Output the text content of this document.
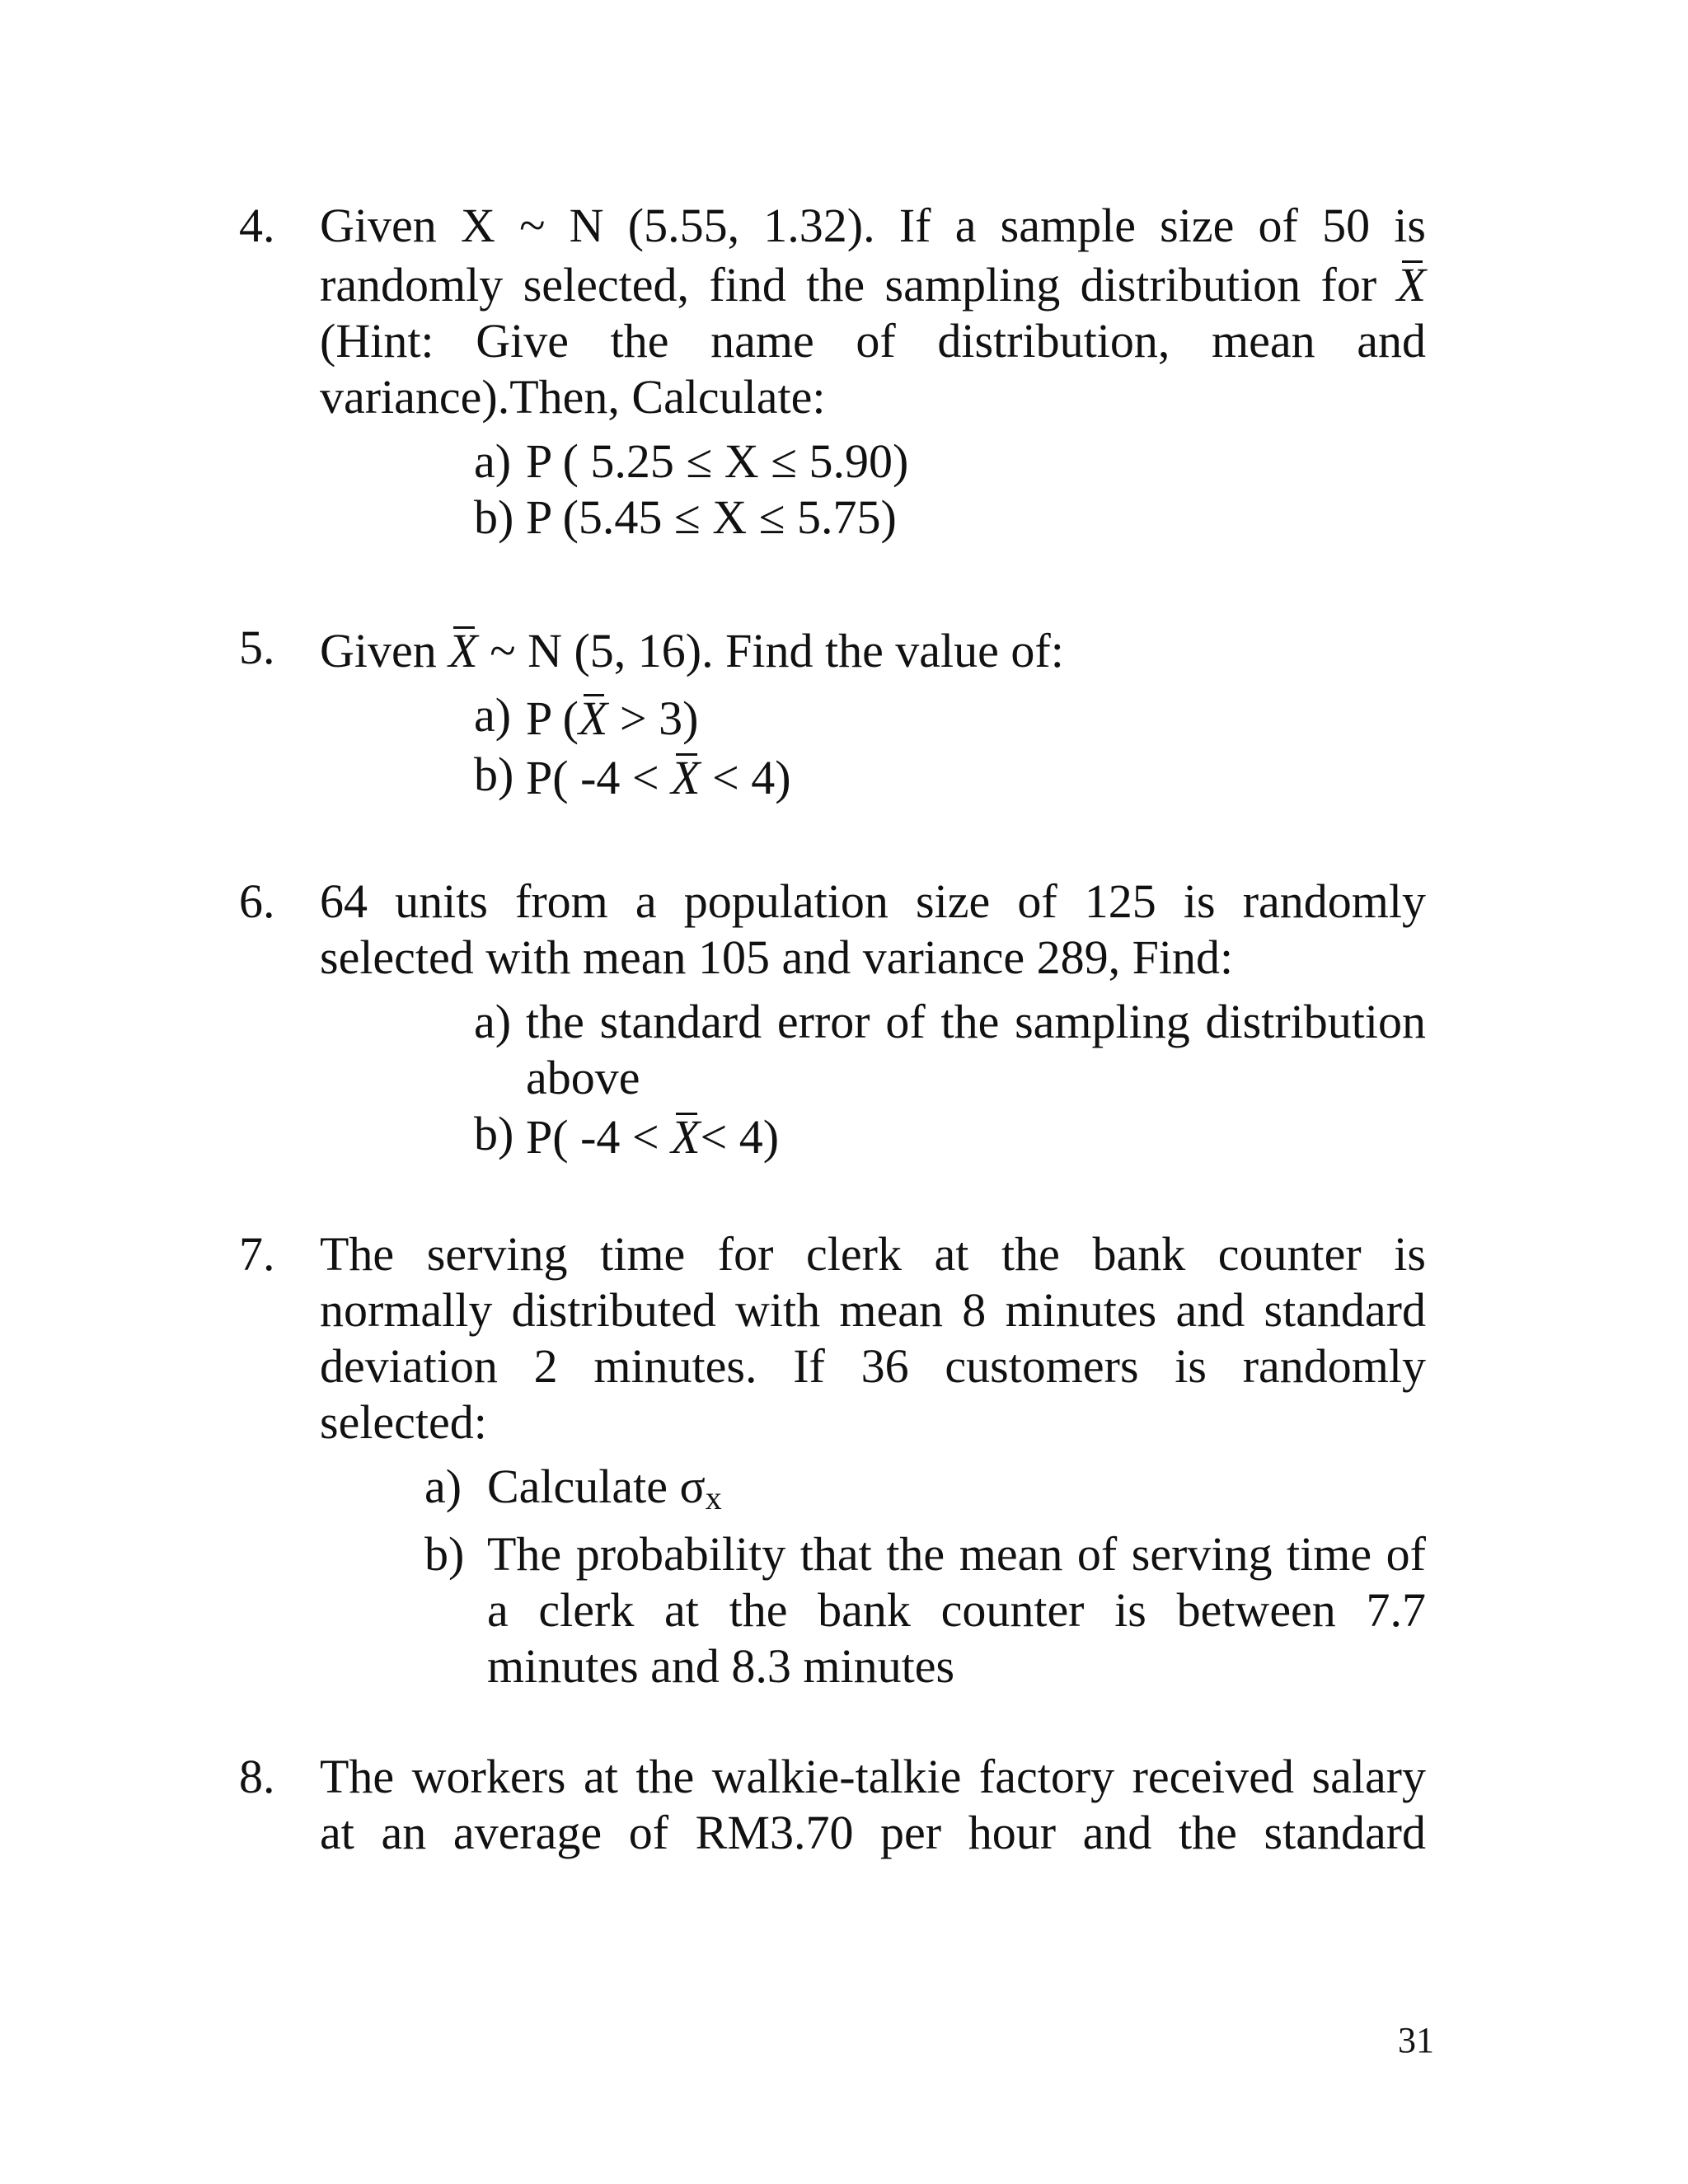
4. Given X ~ N (5.55, 1.32). If a sample size of 50 is
randomly selected, find the sampling distribution for X
(Hint: Give the name of distribution, mean and
variance).Then, Calculate:
a) P ( 5.25 ≤ X ≤ 5.90)
b) P (5.45 ≤ X ≤ 5.75)
5. Given X ~ N (5, 16). Find the value of:
a) P (X > 3)
b) P( -4 < X < 4)
6. 64 units from a population size of 125 is randomly
selected with mean 105 and variance 289, Find:
a) the standard error of the sampling distribution above
b) P( -4 < X< 4)
7. The serving time for clerk at the bank counter is
normally distributed with mean 8 minutes and standard
deviation 2 minutes. If 36 customers is randomly
selected:
a) Calculate σx
b) The probability that the mean of serving time of a clerk at the bank counter is between 7.7 minutes and 8.3 minutes
8. The workers at the walkie-talkie factory received salary
at an average of RM3.70 per hour and the standard
31
